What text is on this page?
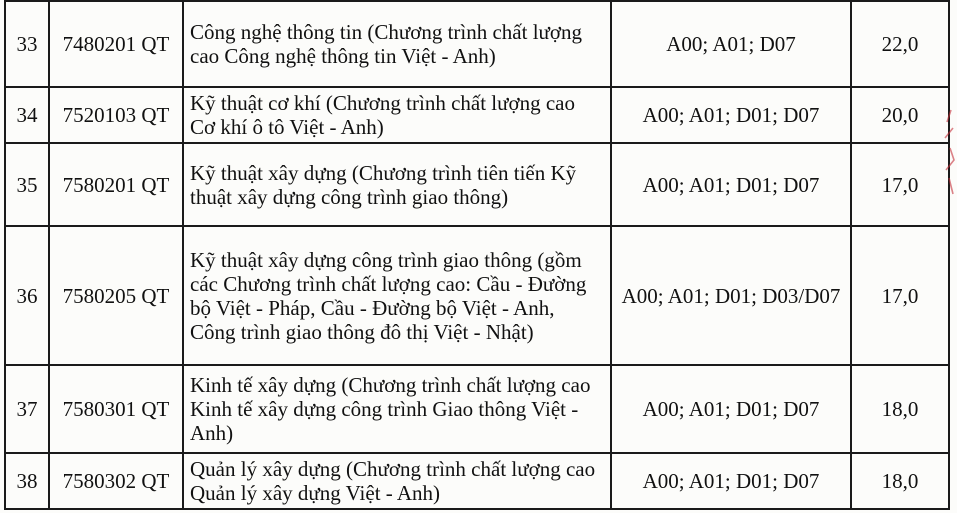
33	7480201 QT	Công nghệ thông tin (Chương trình chất lượng cao Công nghệ thông tin Việt - Anh)	A00; A01; D07	22,0
34	7520103 QT	Kỹ thuật cơ khí (Chương trình chất lượng cao Cơ khí ô tô Việt - Anh)	A00; A01; D01; D07	20,0
35	7580201 QT	Kỹ thuật xây dựng (Chương trình tiên tiến Kỹ thuật xây dựng công trình giao thông)	A00; A01; D01; D07	17,0
36	7580205 QT	Kỹ thuật xây dựng công trình giao thông (gồm các Chương trình chất lượng cao: Cầu - Đường bộ Việt - Pháp, Cầu - Đường bộ Việt - Anh, Công trình giao thông đô thị Việt - Nhật)	A00; A01; D01; D03/D07	17,0
37	7580301 QT	Kinh tế xây dựng (Chương trình chất lượng cao Kinh tế xây dựng công trình Giao thông Việt - Anh)	A00; A01; D01; D07	18,0
38	7580302 QT	Quản lý xây dựng (Chương trình chất lượng cao Quản lý xây dựng Việt - Anh)	A00; A01; D01; D07	18,0
